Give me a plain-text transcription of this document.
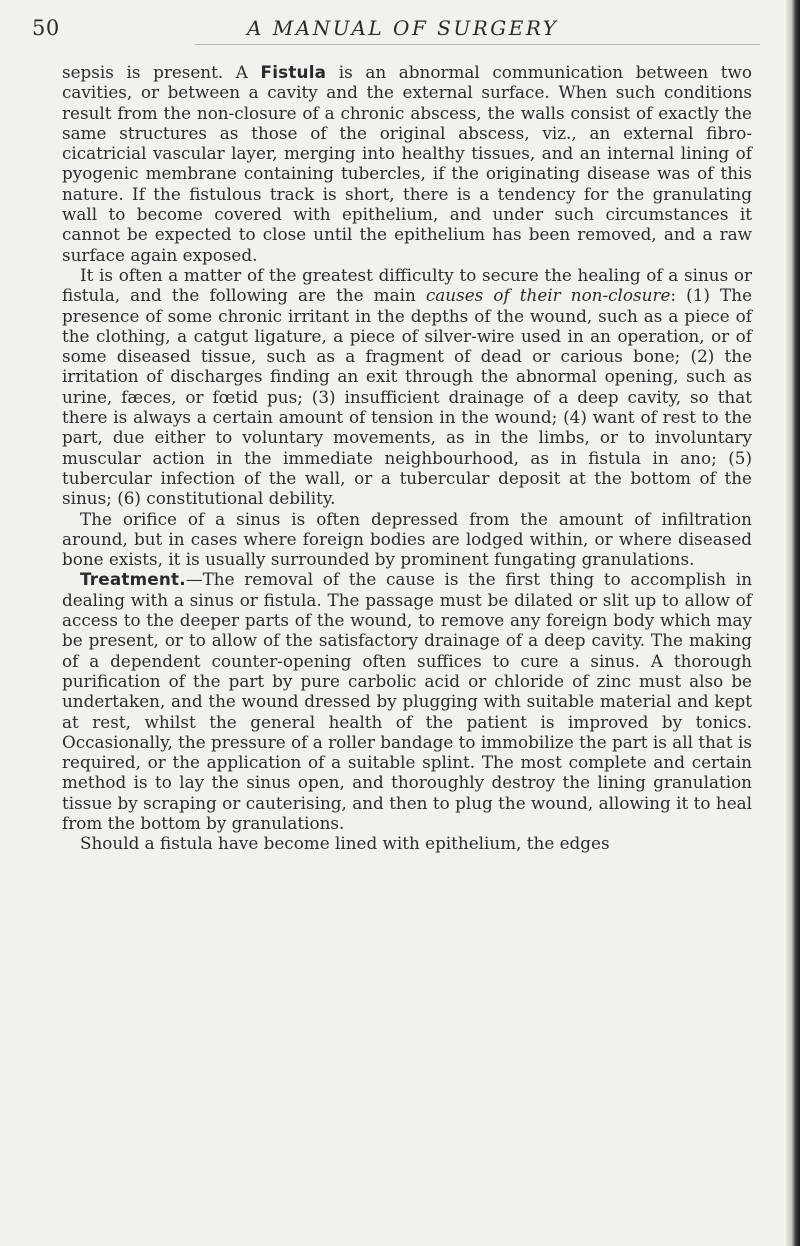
50	A MANUAL OF SURGERY

sepsis is present. A Fistula is an abnormal communication between two cavities, or between a cavity and the external surface. When such conditions result from the non-closure of a chronic abscess, the walls consist of exactly the same structures as those of the original abscess, viz., an external fibro-cicatricial vascular layer, merging into healthy tissues, and an internal lining of pyogenic membrane containing tubercles, if the originating disease was of this nature. If the fistulous track is short, there is a tendency for the granulating wall to become covered with epithelium, and under such circumstances it cannot be expected to close until the epithelium has been removed, and a raw surface again exposed.

It is often a matter of the greatest difficulty to secure the healing of a sinus or fistula, and the following are the main causes of their non-closure: (1) The presence of some chronic irritant in the depths of the wound, such as a piece of the clothing, a catgut ligature, a piece of silver-wire used in an operation, or of some diseased tissue, such as a fragment of dead or carious bone; (2) the irritation of discharges finding an exit through the abnormal opening, such as urine, fæces, or fœtid pus; (3) insufficient drainage of a deep cavity, so that there is always a certain amount of tension in the wound; (4) want of rest to the part, due either to voluntary movements, as in the limbs, or to involuntary muscular action in the immediate neighbourhood, as in fistula in ano; (5) tubercular infection of the wall, or a tubercular deposit at the bottom of the sinus; (6) constitutional debility.

The orifice of a sinus is often depressed from the amount of infiltration around, but in cases where foreign bodies are lodged within, or where diseased bone exists, it is usually surrounded by prominent fungating granulations.

Treatment.—The removal of the cause is the first thing to accomplish in dealing with a sinus or fistula. The passage must be dilated or slit up to allow of access to the deeper parts of the wound, to remove any foreign body which may be present, or to allow of the satisfactory drainage of a deep cavity. The making of a dependent counter-opening often suffices to cure a sinus. A thorough purification of the part by pure carbolic acid or chloride of zinc must also be undertaken, and the wound dressed by plugging with suitable material and kept at rest, whilst the general health of the patient is improved by tonics. Occasionally, the pressure of a roller bandage to immobilize the part is all that is required, or the application of a suitable splint. The most complete and certain method is to lay the sinus open, and thoroughly destroy the lining granulation tissue by scraping or cauterising, and then to plug the wound, allowing it to heal from the bottom by granulations.

Should a fistula have become lined with epithelium, the edges
